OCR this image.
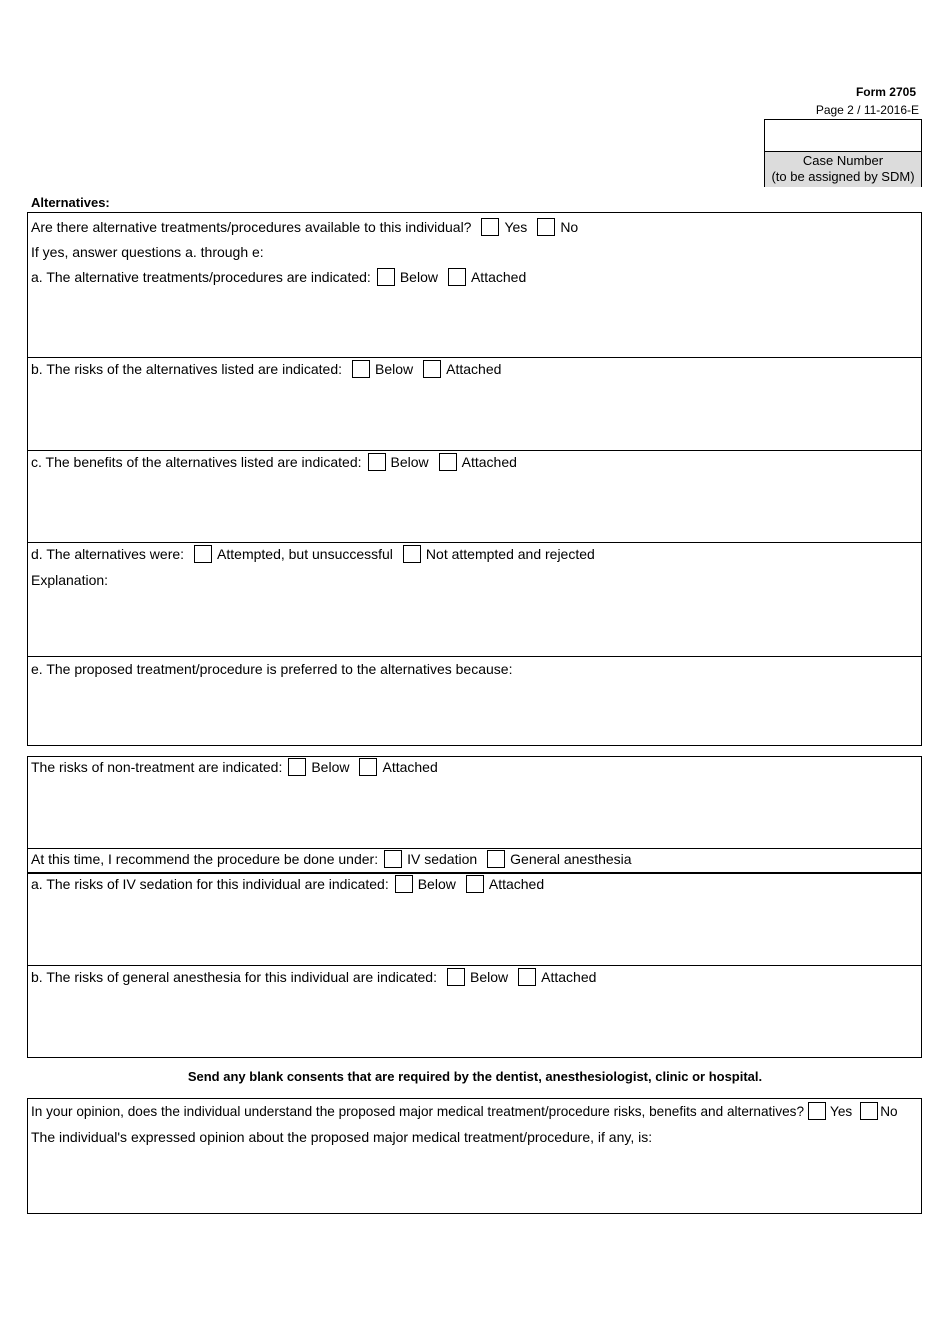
Form 2705
Page 2 / 11-2016-E
Case Number
(to be assigned by SDM)
Alternatives:
Are there alternative treatments/procedures available to this individual? Yes No
If yes, answer questions a. through e:
a. The alternative treatments/procedures are indicated: Below Attached
b. The risks of the alternatives listed are indicated: Below Attached
c. The benefits of the alternatives listed are indicated: Below Attached
d. The alternatives were: Attempted, but unsuccessful Not attempted and rejected
Explanation:
e. The proposed treatment/procedure is preferred to the alternatives because:
The risks of non-treatment are indicated: Below Attached
At this time, I recommend the procedure be done under: IV sedation General anesthesia
a. The risks of IV sedation for this individual are indicated: Below Attached
b. The risks of general anesthesia for this individual are indicated: Below Attached
Send any blank consents that are required by the dentist, anesthesiologist, clinic or hospital.
In your opinion, does the individual understand the proposed major medical treatment/procedure risks, benefits and alternatives? Yes No
The individual's expressed opinion about the proposed major medical treatment/procedure, if any, is:
